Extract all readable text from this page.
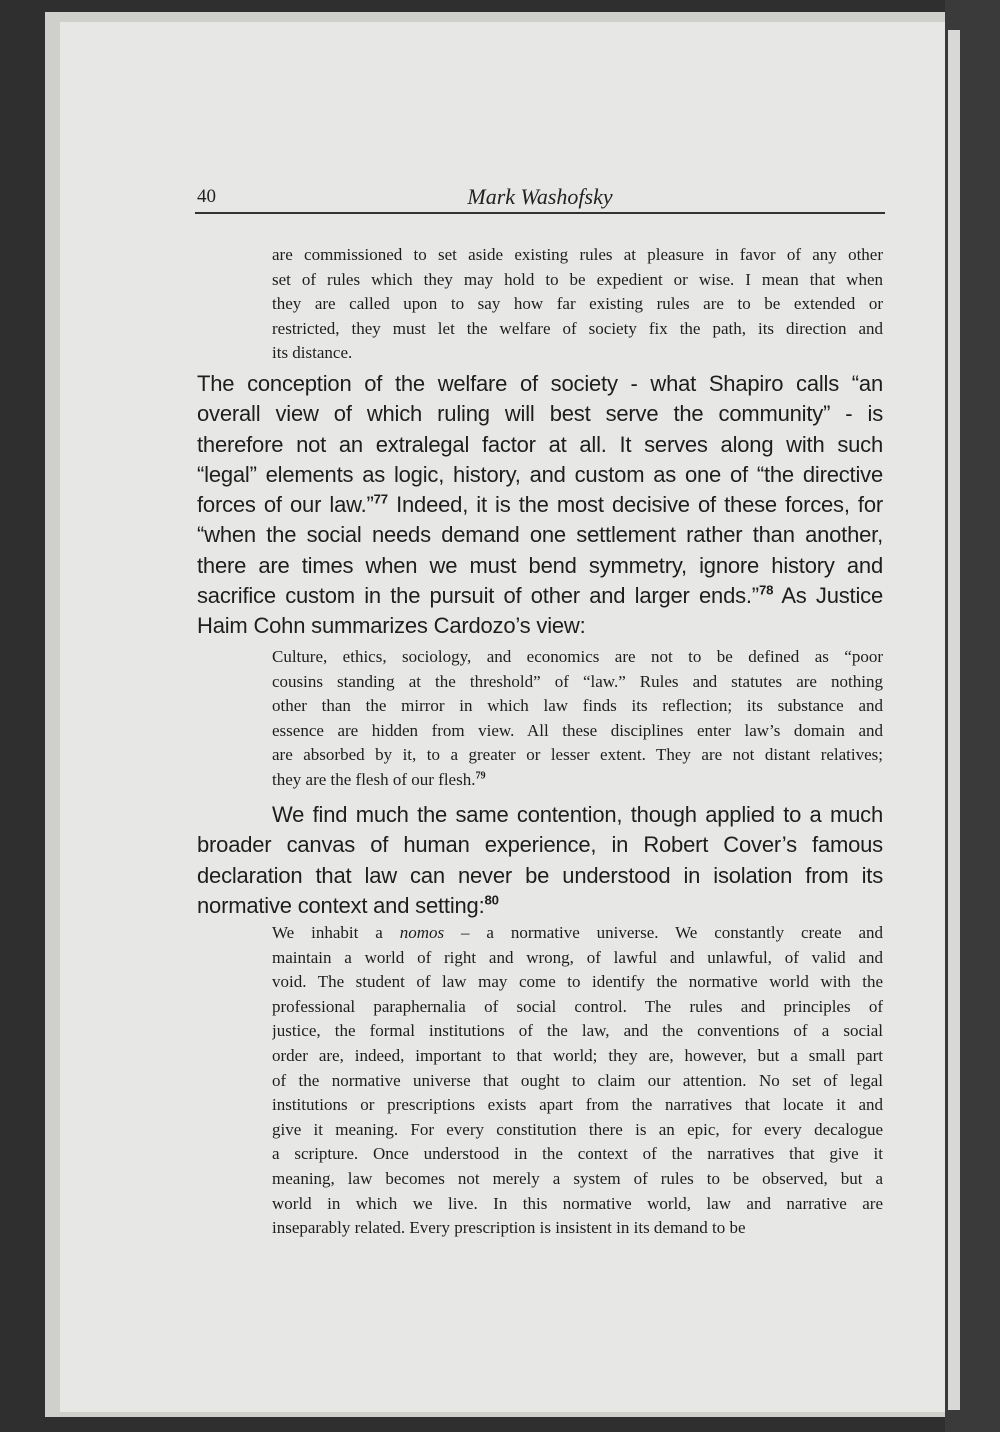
40	Mark Washofsky
are commissioned to set aside existing rules at pleasure in favor of any other
set of rules which they may hold to be expedient or wise. I mean that when
they are called upon to say how far existing rules are to be extended or
restricted, they must let the welfare of society fix the path, its direction and
its distance.
The conception of the welfare of society - what Shapiro calls “an
overall view of which ruling will best serve the community” - is
therefore not an extralegal factor at all. It serves along with such
“legal” elements as logic, history, and custom as one of “the directive
forces of our law.”$^{77}$ Indeed, it is the most decisive of these forces, for
“when the social needs demand one settlement rather than another,
there are times when we must bend symmetry, ignore history and
sacrifice custom in the pursuit of other and larger ends.”$^{78}$ As Justice
Haim Cohn summarizes Cardozo’s view:
Culture, ethics, sociology, and economics are not to be defined as “poor
cousins standing at the threshold” of “law.” Rules and statutes are nothing
other than the mirror in which law finds its reflection; its substance and
essence are hidden from view. All these disciplines enter law’s domain and
are absorbed by it, to a greater or lesser extent. They are not distant relatives;
they are the flesh of our flesh.$^{79}$
We find much the same contention, though applied to a much
broader canvas of human experience, in Robert Cover’s famous
declaration that law can never be understood in isolation from its
normative context and setting:$^{80}$
We inhabit a nomos – a normative universe. We constantly create and
maintain a world of right and wrong, of lawful and unlawful, of valid and
void. The student of law may come to identify the normative world with the
professional paraphernalia of social control. The rules and principles of
justice, the formal institutions of the law, and the conventions of a social
order are, indeed, important to that world; they are, however, but a small part
of the normative universe that ought to claim our attention. No set of legal
institutions or prescriptions exists apart from the narratives that locate it and
give it meaning. For every constitution there is an epic, for every decalogue
a scripture. Once understood in the context of the narratives that give it
meaning, law becomes not merely a system of rules to be observed, but a
world in which we live. In this normative world, law and narrative are
inseparably related. Every prescription is insistent in its demand to be
